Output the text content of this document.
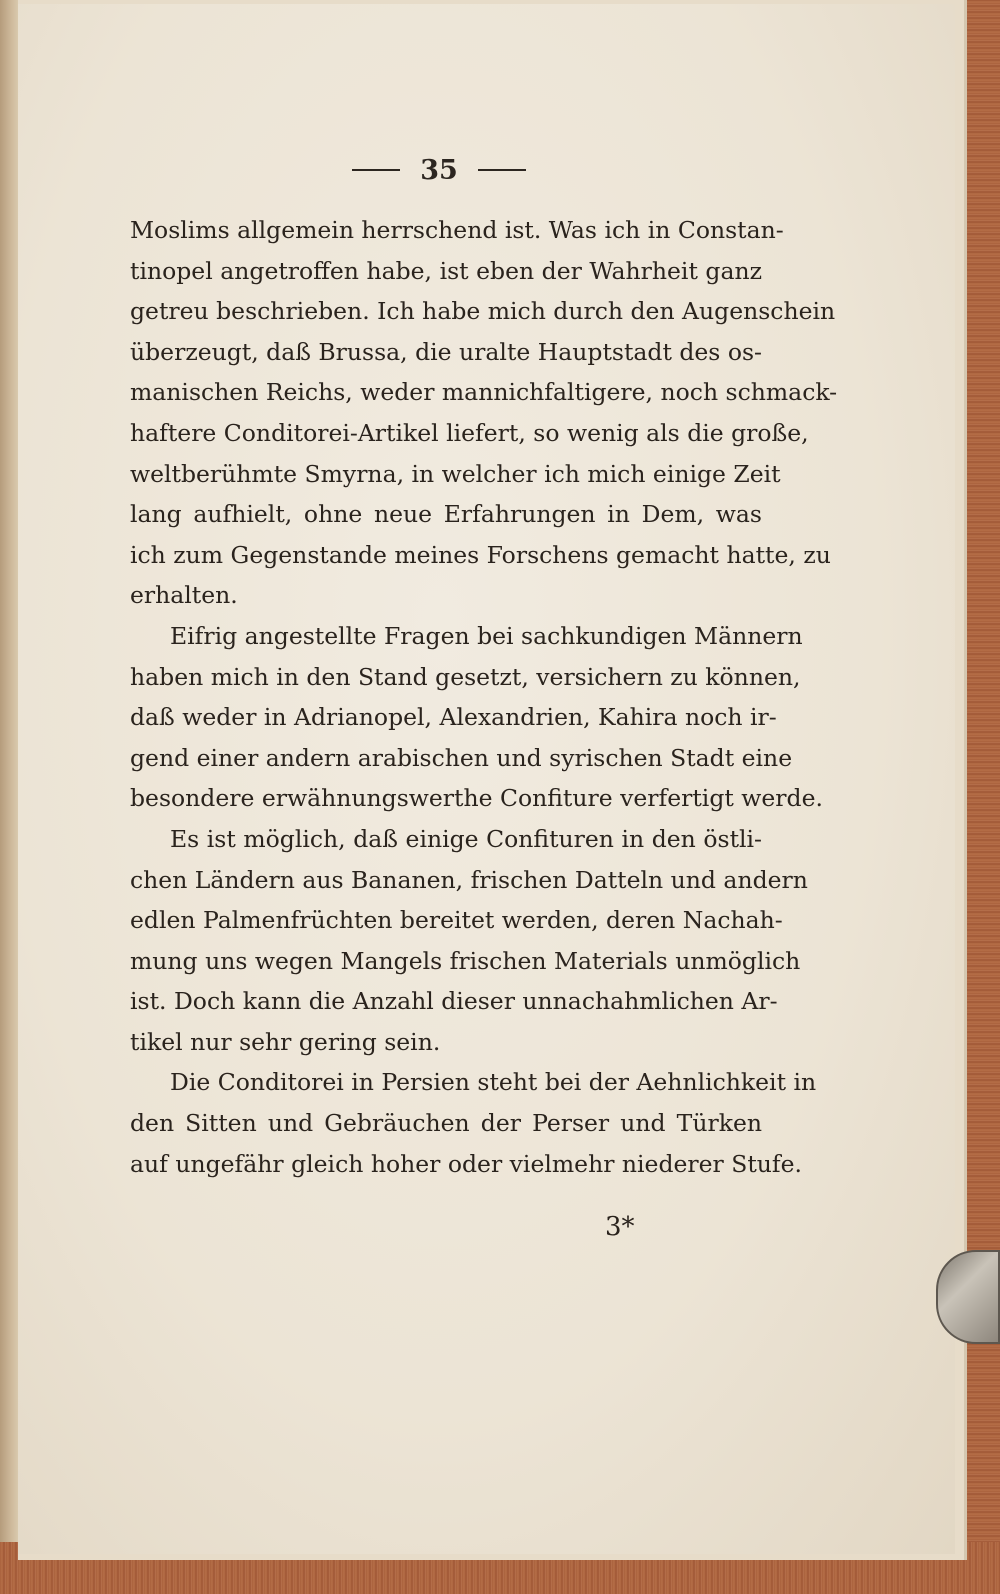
35
Moslims allgemein herrschend ist. Was ich in Constan-
tinopel angetroffen habe, ist eben der Wahrheit ganz
getreu beschrieben. Ich habe mich durch den Augenschein
überzeugt, daß Brussa, die uralte Hauptstadt des os-
manischen Reichs, weder mannichfaltigere, noch schmack-
haftere Conditorei-Artikel liefert, so wenig als die große,
weltberühmte Smyrna, in welcher ich mich einige Zeit
lang aufhielt, ohne neue Erfahrungen in Dem, was
ich zum Gegenstande meines Forschens gemacht hatte, zu
erhalten.
Eifrig angestellte Fragen bei sachkundigen Männern
haben mich in den Stand gesetzt, versichern zu können,
daß weder in Adrianopel, Alexandrien, Kahira noch ir-
gend einer andern arabischen und syrischen Stadt eine
besondere erwähnungswerthe Confiture verfertigt werde.
Es ist möglich, daß einige Confituren in den östli-
chen Ländern aus Bananen, frischen Datteln und andern
edlen Palmenfrüchten bereitet werden, deren Nachah-
mung uns wegen Mangels frischen Materials unmöglich
ist. Doch kann die Anzahl dieser unnachahmlichen Ar-
tikel nur sehr gering sein.
Die Conditorei in Persien steht bei der Aehnlichkeit in
den Sitten und Gebräuchen der Perser und Türken
auf ungefähr gleich hoher oder vielmehr niederer Stufe.
3*
